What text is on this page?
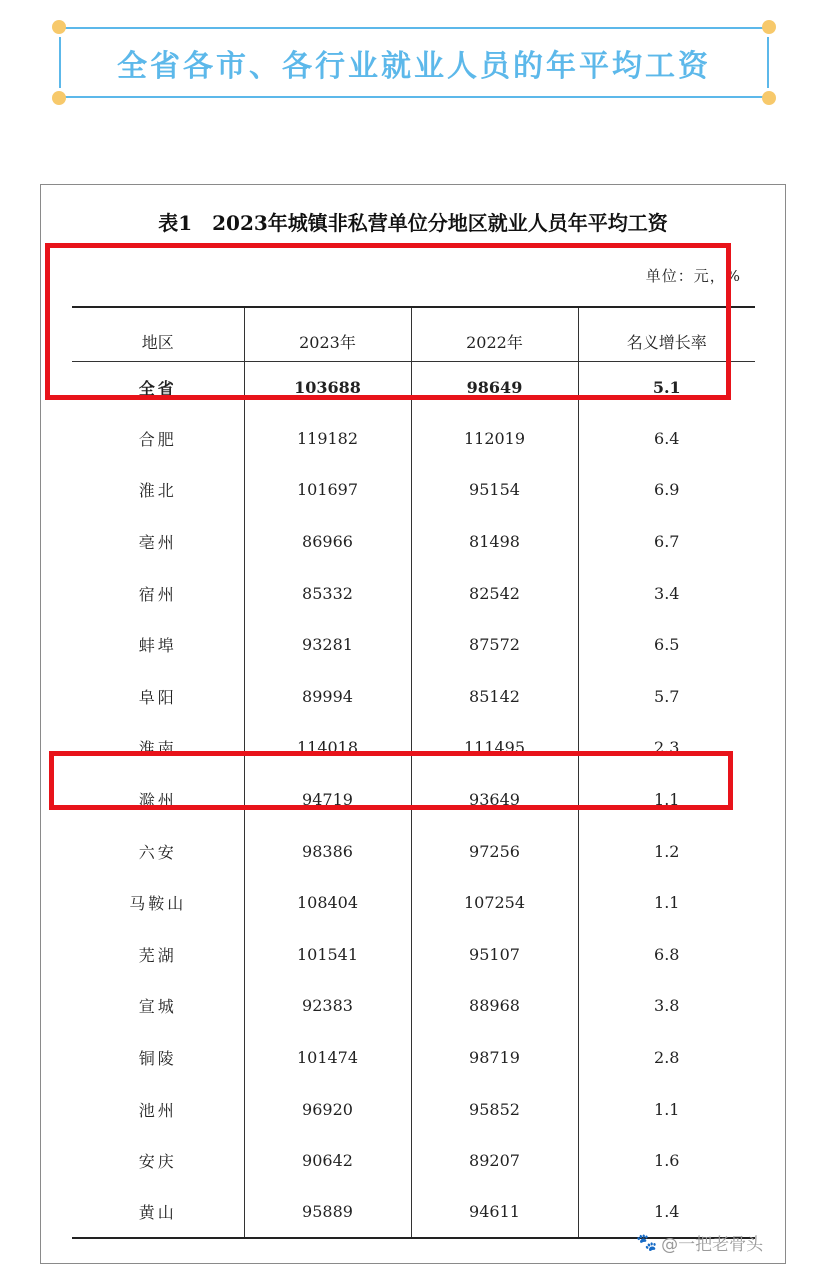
全省各市、各行业就业人员的年平均工资
表1　2023年城镇非私营单位分地区就业人员年平均工资
单位：元，%
地区	2023年	2022年	名义增长率
全省	103688	98649	5.1
合肥	119182	112019	6.4
淮北	101697	95154	6.9
亳州	86966	81498	6.7
宿州	85332	82542	3.4
蚌埠	93281	87572	6.5
阜阳	89994	85142	5.7
淮南	114018	111495	2.3
滁州	94719	93649	1.1
六安	98386	97256	1.2
马鞍山	108404	107254	1.1
芜湖	101541	95107	6.8
宣城	92383	88968	3.8
铜陵	101474	98719	2.8
池州	96920	95852	1.1
安庆	90642	89207	1.6
黄山	95889	94611	1.4
🐾 @一把老骨头
